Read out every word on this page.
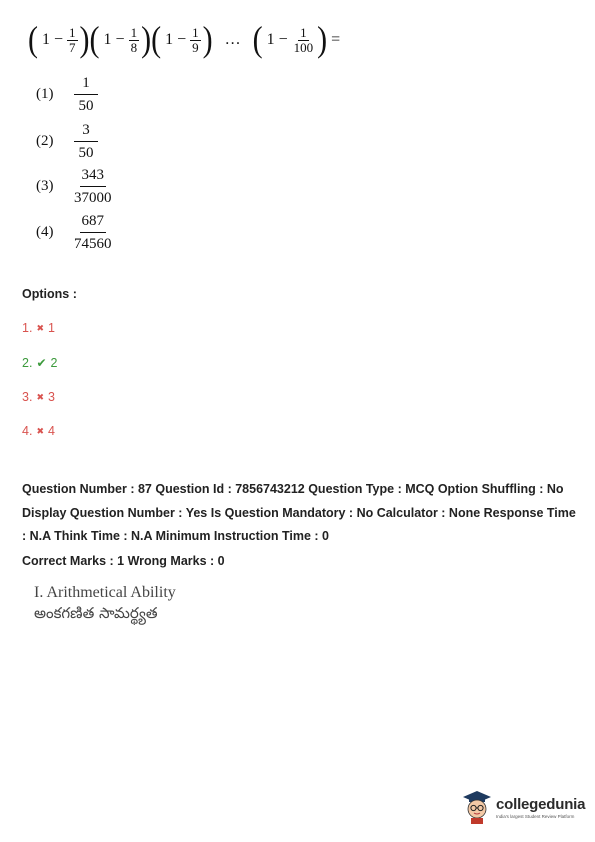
( $1 - \frac{1}{7}$ ) ( $1 - \frac{1}{8}$ ) ( $1 - \frac{1}{9}$ ) … ( $1 - \frac{1}{100}$ ) =
(1)	$\frac{1}{50}$
(2)	$\frac{3}{50}$
(3)	$\frac{343}{37000}$
(4)	$\frac{687}{74560}$
Options :
1. ✖ 1
2. ✔ 2
3. ✖ 3
4. ✖ 4
Question Number : 87 Question Id : 7856743212 Question Type : MCQ Option Shuffling : No Display Question Number : Yes Is Question Mandatory : No Calculator : None Response Time : N.A Think Time : N.A Minimum Instruction Time : 0
Correct Marks : 1 Wrong Marks : 0
I. Arithmetical Ability
అంకగణిత సామర్థ్యత
collegedunia
India's largest Student Review Platform
